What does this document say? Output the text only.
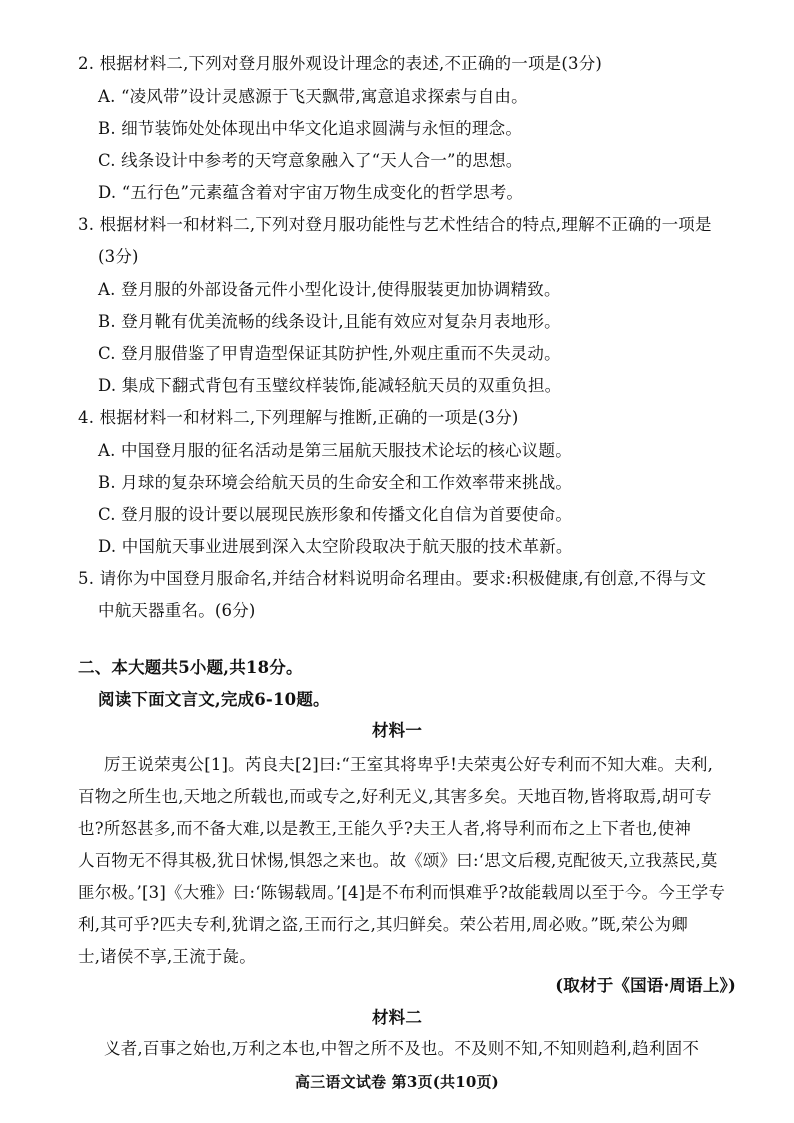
2. 根据材料二,下列对登月服外观设计理念的表述,不正确的一项是(3分)
A. “凌风带”设计灵感源于飞天飘带,寓意追求探索与自由。
B. 细节装饰处处体现出中华文化追求圆满与永恒的理念。
C. 线条设计中参考的天穹意象融入了“天人合一”的思想。
D. “五行色”元素蕴含着对宇宙万物生成变化的哲学思考。
3. 根据材料一和材料二,下列对登月服功能性与艺术性结合的特点,理解不正确的一项是
(3分)
A. 登月服的外部设备元件小型化设计,使得服装更加协调精致。
B. 登月靴有优美流畅的线条设计,且能有效应对复杂月表地形。
C. 登月服借鉴了甲胄造型保证其防护性,外观庄重而不失灵动。
D. 集成下翻式背包有玉璧纹样装饰,能减轻航天员的双重负担。
4. 根据材料一和材料二,下列理解与推断,正确的一项是(3分)
A. 中国登月服的征名活动是第三届航天服技术论坛的核心议题。
B. 月球的复杂环境会给航天员的生命安全和工作效率带来挑战。
C. 登月服的设计要以展现民族形象和传播文化自信为首要使命。
D. 中国航天事业进展到深入太空阶段取决于航天服的技术革新。
5. 请你为中国登月服命名,并结合材料说明命名理由。要求:积极健康,有创意,不得与文
中航天器重名。(6分)
二、本大题共5小题,共18分。
阅读下面文言文,完成6-10题。
材料一
厉王说荣夷公[1]。芮良夫[2]曰:“王室其将卑乎!夫荣夷公好专利而不知大难。夫利,
百物之所生也,天地之所载也,而或专之,好利无义,其害多矣。天地百物,皆将取焉,胡可专
也?所怒甚多,而不备大难,以是教王,王能久乎?夫王人者,将导利而布之上下者也,使神
人百物无不得其极,犹日怵惕,惧怨之来也。故《颂》曰:‘思文后稷,克配彼天,立我蒸民,莫
匪尔极。’[3]《大雅》曰:‘陈锡载周。’[4]是不布利而惧难乎?故能载周以至于今。今王学专
利,其可乎?匹夫专利,犹谓之盗,王而行之,其归鲜矣。荣公若用,周必败。”既,荣公为卿
士,诸侯不享,王流于彘。
(取材于《国语·周语上》)
材料二
义者,百事之始也,万利之本也,中智之所不及也。不及则不知,不知则趋利,趋利固不
高三语文试卷 第3页(共10页)
